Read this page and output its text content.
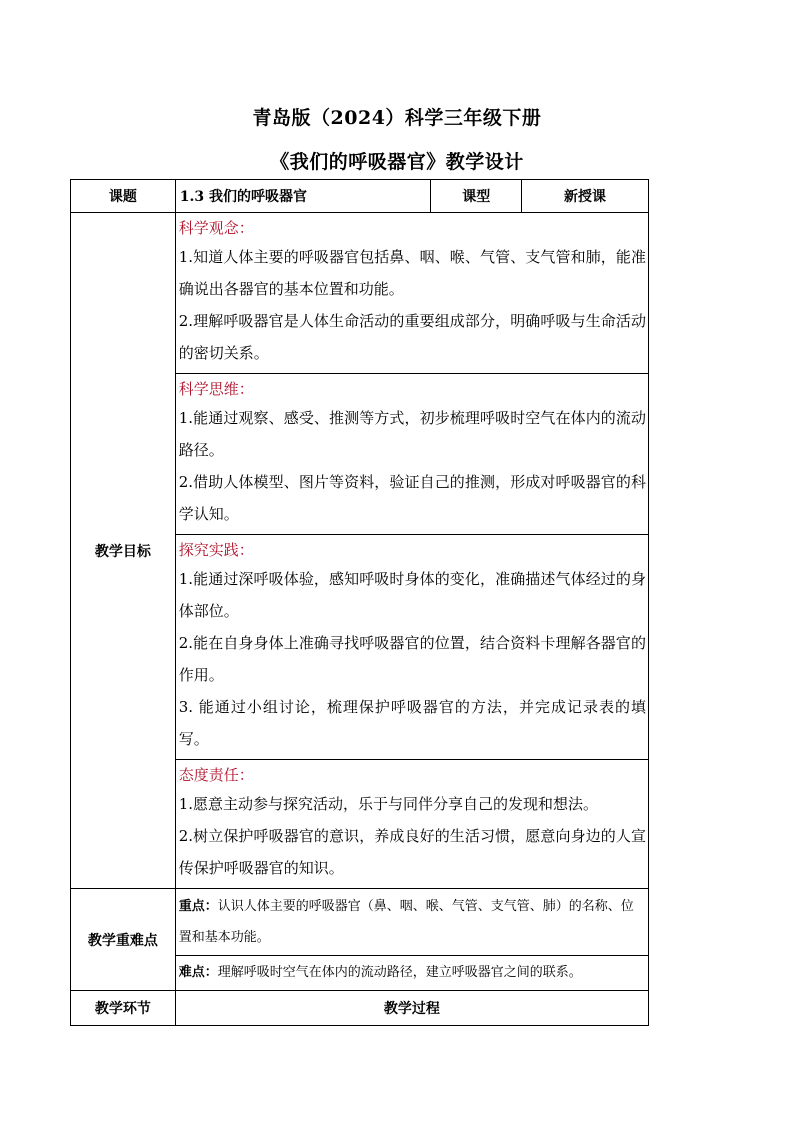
青岛版（2024）科学三年级下册
《我们的呼吸器官》教学设计
课题	1.3 我们的呼吸器官	课型	新授课
教学目标	科学观念：
1.知道人体主要的呼吸器官包括鼻、咽、喉、气管、支气管和肺，能准确说出各器官的基本位置和功能。
2.理解呼吸器官是人体生命活动的重要组成部分，明确呼吸与生命活动的密切关系。		

	科学思维：
1.能通过观察、感受、推测等方式，初步梳理呼吸时空气在体内的流动路径。
2.借助人体模型、图片等资料，验证自己的推测，形成对呼吸器官的科学认知。		

	探究实践：
1.能通过深呼吸体验，感知呼吸时身体的变化，准确描述气体经过的身体部位。
2.能在自身身体上准确寻找呼吸器官的位置，结合资料卡理解各器官的作用。
3. 能通过小组讨论，梳理保护呼吸器官的方法，并完成记录表的填写。		

	态度责任：
1.愿意主动参与探究活动，乐于与同伴分享自己的发现和想法。
2.树立保护呼吸器官的意识，养成良好的生活习惯，愿意向身边的人宣传保护呼吸器官的知识。		

教学重难点	重点：认识人体主要的呼吸器官（鼻、咽、喉、气管、支气管、肺）的名称、位置和基本功能。		
	难点：理解呼吸时空气在体内的流动路径，建立呼吸器官之间的联系。		
教学环节	教学过程		
